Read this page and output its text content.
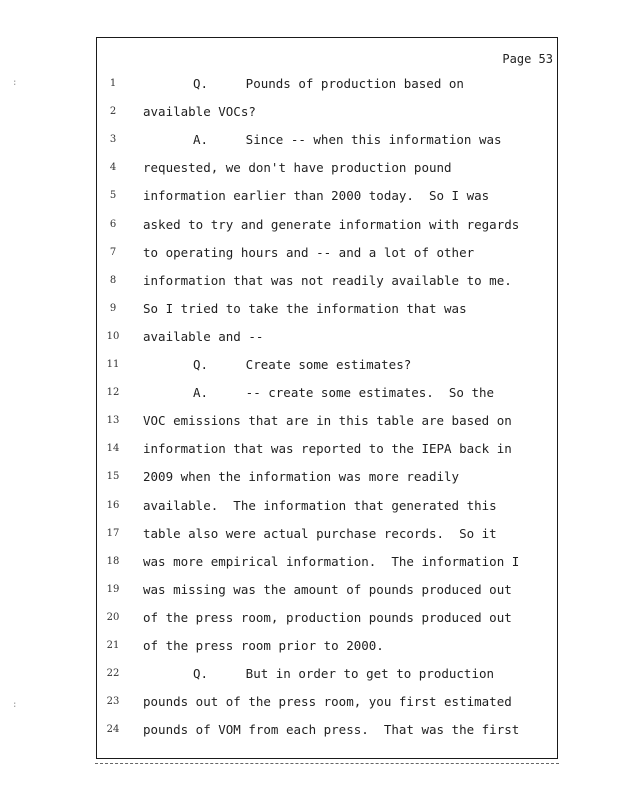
Page 53
1	Q.     Pounds of production based on
2	available VOCs?
3	A.     Since -- when this information was
4	requested, we don't have production pound
5	information earlier than 2000 today.  So I was
6	asked to try and generate information with regards
7	to operating hours and -- and a lot of other
8	information that was not readily available to me.
9	So I tried to take the information that was
10	available and --
11	Q.     Create some estimates?
12	A.     -- create some estimates.  So the
13	VOC emissions that are in this table are based on
14	information that was reported to the IEPA back in
15	2009 when the information was more readily
16	available.  The information that generated this
17	table also were actual purchase records.  So it
18	was more empirical information.  The information I
19	was missing was the amount of pounds produced out
20	of the press room, production pounds produced out
21	of the press room prior to 2000.
22	Q.     But in order to get to production
23	pounds out of the press room, you first estimated
24	pounds of VOM from each press.  That was the first
:
:
